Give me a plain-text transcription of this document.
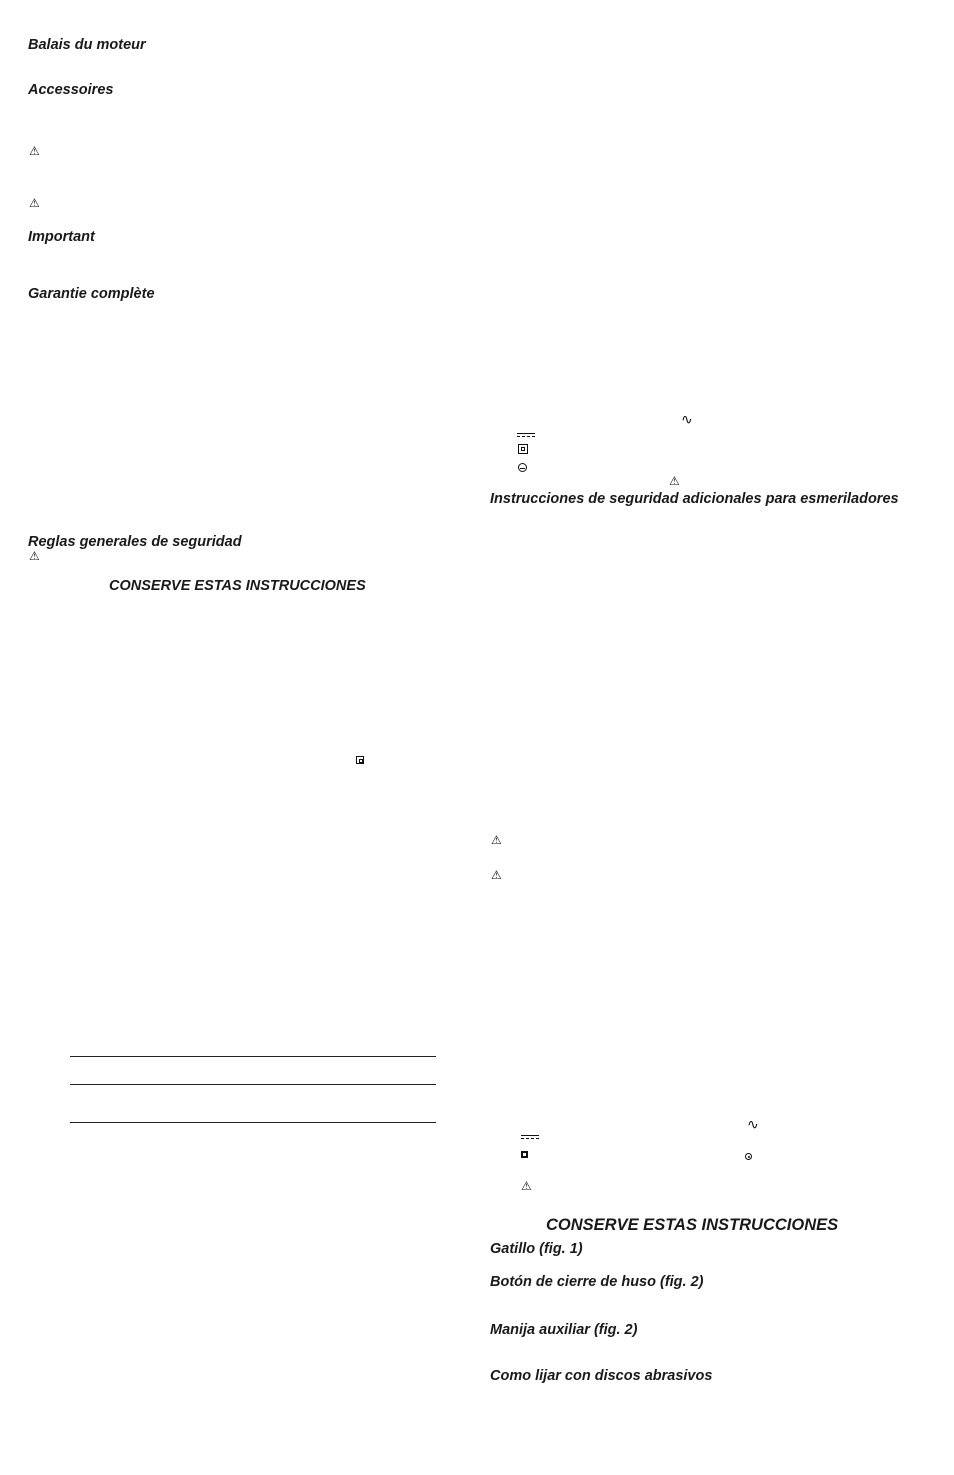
Balais du moteur
Accessoires
⚠
⚠
Important
Garantie complète
Reglas generales de seguridad
⚠
CONSERVE ESTAS INSTRUCCIONES
∿
⚠
Instrucciones de seguridad adicionales para esmeriladores
⚠
⚠
∿
⚠
CONSERVE ESTAS INSTRUCCIONES
Gatillo (fig. 1)
Botón de cierre de huso (fig. 2)
Manija auxiliar (fig. 2)
Como lijar con discos abrasivos
